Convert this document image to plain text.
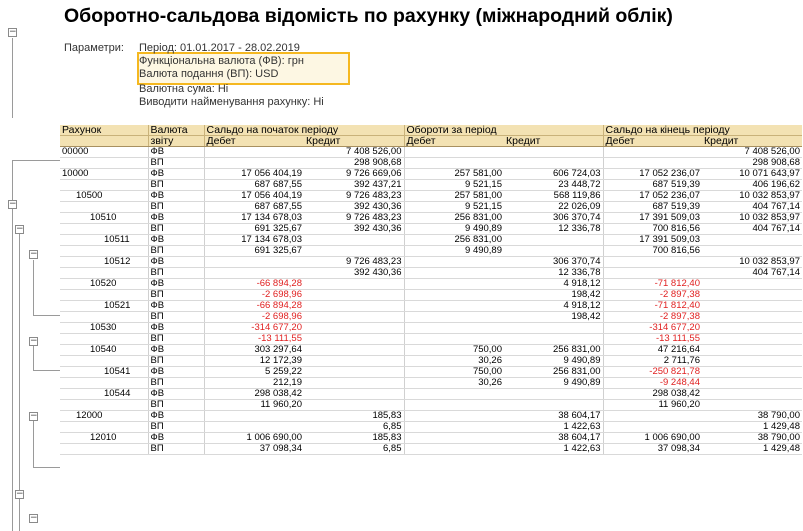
−
−
−
−
−
−
−
−
Оборотно-сальдова відомість по рахунку (міжнародний облік)
Параметри: Період: 01.01.2017 - 28.02.2019
Функціональна валюта (ФВ): грн
Валюта подання (ВП): USD
Валютна сума: Ні
Виводити найменування рахунку: Ні
Рахунок	Валюта	Сальдо на початок періоду		Обороти за період		Сальдо на кінець періоду	
	звіту	Дебет	Кредит	Дебет	Кредит	Дебет	Кредит
00000	ФВ		7 408 526,00				7 408 526,00
	ВП		298 908,68				298 908,68
10000	ФВ	17 056 404,19	9 726 669,06	257 581,00	606 724,03	17 052 236,07	10 071 643,97
	ВП	687 687,55	392 437,21	9 521,15	23 448,72	687 519,39	406 196,62
10500	ФВ	17 056 404,19	9 726 483,23	257 581,00	568 119,86	17 052 236,07	10 032 853,97
	ВП	687 687,55	392 430,36	9 521,15	22 026,09	687 519,39	404 767,14
10510	ФВ	17 134 678,03	9 726 483,23	256 831,00	306 370,74	17 391 509,03	10 032 853,97
	ВП	691 325,67	392 430,36	9 490,89	12 336,78	700 816,56	404 767,14
10511	ФВ	17 134 678,03		256 831,00		17 391 509,03	
	ВП	691 325,67		9 490,89		700 816,56	
10512	ФВ		9 726 483,23		306 370,74		10 032 853,97
	ВП		392 430,36		12 336,78		404 767,14
10520	ФВ	-66 894,28			4 918,12	-71 812,40	
	ВП	-2 698,96			198,42	-2 897,38	
10521	ФВ	-66 894,28			4 918,12	-71 812,40	
	ВП	-2 698,96			198,42	-2 897,38	
10530	ФВ	-314 677,20				-314 677,20	
	ВП	-13 111,55				-13 111,55	
10540	ФВ	303 297,64		750,00	256 831,00	47 216,64	
	ВП	12 172,39		30,26	9 490,89	2 711,76	
10541	ФВ	5 259,22		750,00	256 831,00	-250 821,78	
	ВП	212,19		30,26	9 490,89	-9 248,44	
10544	ФВ	298 038,42				298 038,42	
	ВП	11 960,20				11 960,20	
12000	ФВ		185,83		38 604,17		38 790,00
	ВП		6,85		1 422,63		1 429,48
12010	ФВ	1 006 690,00	185,83		38 604,17	1 006 690,00	38 790,00
	ВП	37 098,34	6,85		1 422,63	37 098,34	1 429,48
